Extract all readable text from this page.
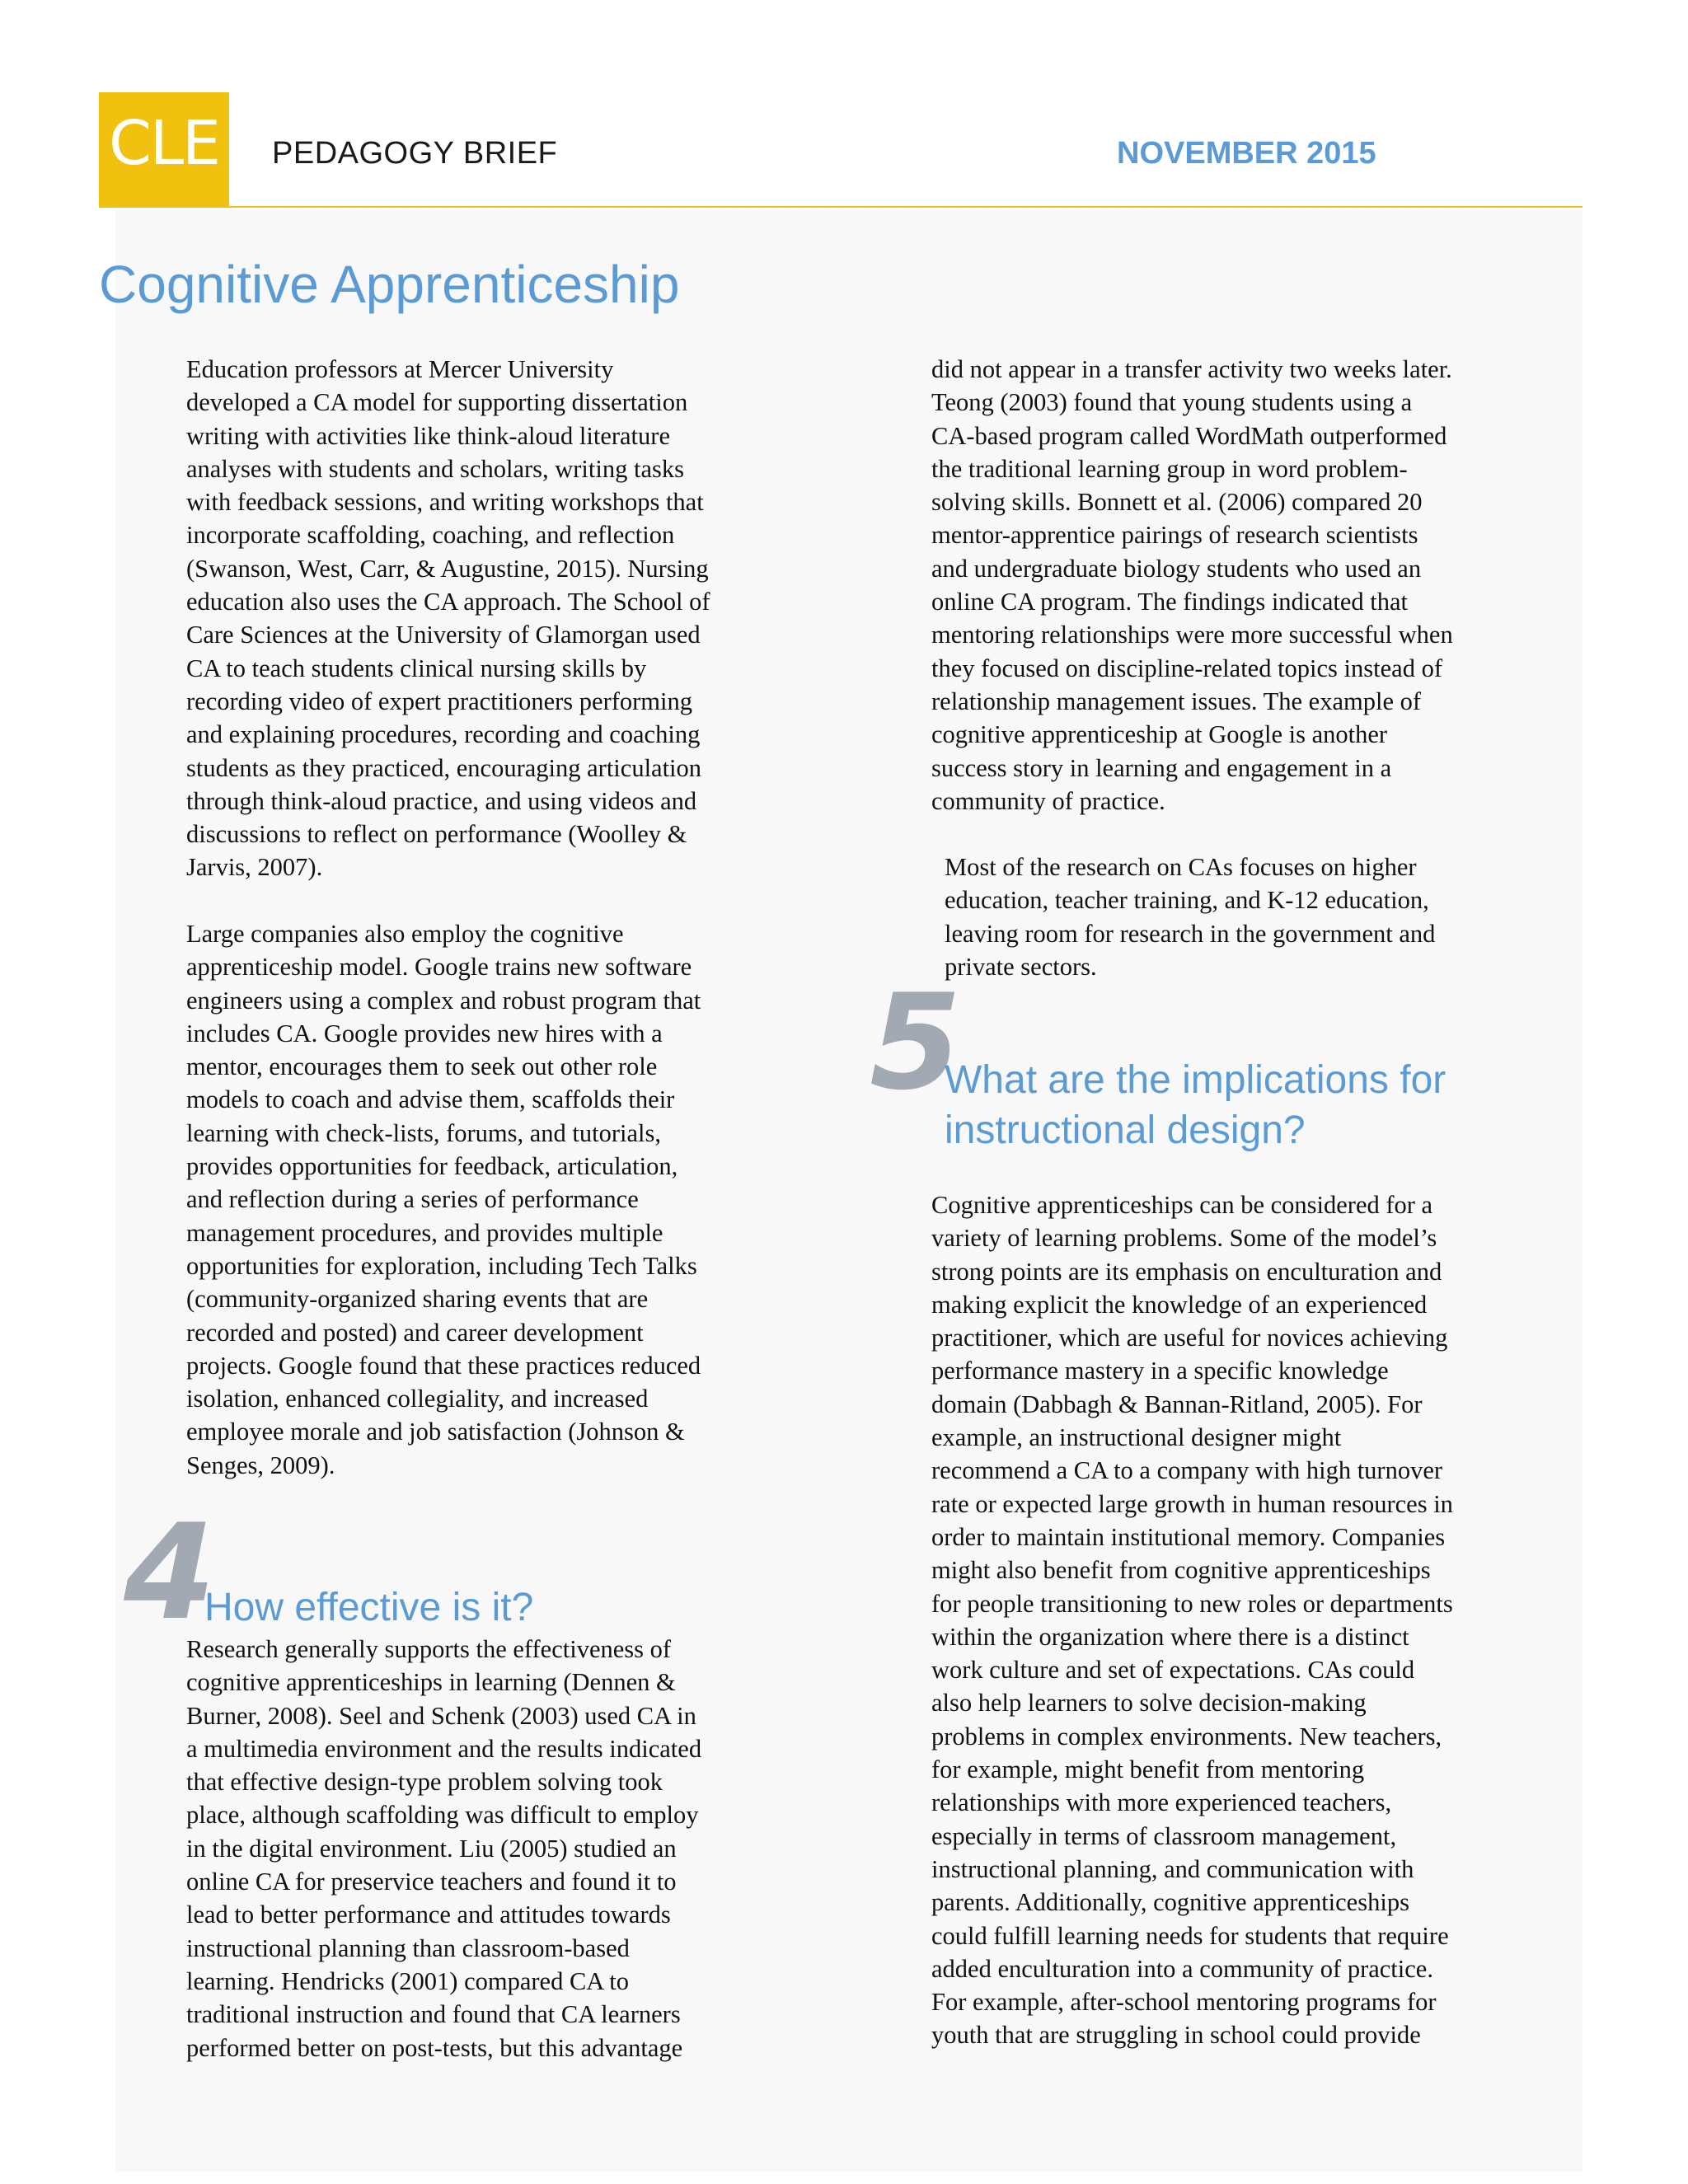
CLE	PEDAGOGY BRIEF	NOVEMBER 2015
Cognitive Apprenticeship
Education professors at Mercer University
developed a CA model for supporting dissertation
writing with activities like think-aloud literature
analyses with students and scholars, writing tasks
with feedback sessions, and writing workshops that
incorporate scaffolding, coaching, and reflection
(Swanson, West, Carr, & Augustine, 2015). Nursing
education also uses the CA approach. The School of
Care Sciences at the University of Glamorgan used
CA to teach students clinical nursing skills by
recording video of expert practitioners performing
and explaining procedures, recording and coaching
students as they practiced, encouraging articulation
through think-aloud practice, and using videos and
discussions to reflect on performance (Woolley &
Jarvis, 2007).
Large companies also employ the cognitive
apprenticeship model. Google trains new software
engineers using a complex and robust program that
includes CA. Google provides new hires with a
mentor, encourages them to seek out other role
models to coach and advise them, scaffolds their
learning with check-lists, forums, and tutorials,
provides opportunities for feedback, articulation,
and reflection during a series of performance
management procedures, and provides multiple
opportunities for exploration, including Tech Talks
(community-organized sharing events that are
recorded and posted) and career development
projects. Google found that these practices reduced
isolation, enhanced collegiality, and increased
employee morale and job satisfaction (Johnson &
Senges, 2009).
4
How effective is it?
Research generally supports the effectiveness of
cognitive apprenticeships in learning (Dennen &
Burner, 2008). Seel and Schenk (2003) used CA in
a multimedia environment and the results indicated
that effective design-type problem solving took
place, although scaffolding was difficult to employ
in the digital environment. Liu (2005) studied an
online CA for preservice teachers and found it to
lead to better performance and attitudes towards
instructional planning than classroom-based
learning. Hendricks (2001) compared CA to
traditional instruction and found that CA learners
performed better on post-tests, but this advantage
did not appear in a transfer activity two weeks later.
Teong (2003) found that young students using a
CA-based program called WordMath outperformed
the traditional learning group in word problem-
solving skills. Bonnett et al. (2006) compared 20
mentor-apprentice pairings of research scientists
and undergraduate biology students who used an
online CA program. The findings indicated that
mentoring relationships were more successful when
they focused on discipline-related topics instead of
relationship management issues. The example of
cognitive apprenticeship at Google is another
success story in learning and engagement in a
community of practice.
Most of the research on CAs focuses on higher
education, teacher training, and K-12 education,
leaving room for research in the government and
private sectors.
5
What are the implications for
instructional design?
Cognitive apprenticeships can be considered for a
variety of learning problems. Some of the model’s
strong points are its emphasis on enculturation and
making explicit the knowledge of an experienced
practitioner, which are useful for novices achieving
performance mastery in a specific knowledge
domain (Dabbagh & Bannan-Ritland, 2005). For
example, an instructional designer might
recommend a CA to a company with high turnover
rate or expected large growth in human resources in
order to maintain institutional memory. Companies
might also benefit from cognitive apprenticeships
for people transitioning to new roles or departments
within the organization where there is a distinct
work culture and set of expectations. CAs could
also help learners to solve decision-making
problems in complex environments. New teachers,
for example, might benefit from mentoring
relationships with more experienced teachers,
especially in terms of classroom management,
instructional planning, and communication with
parents. Additionally, cognitive apprenticeships
could fulfill learning needs for students that require
added enculturation into a community of practice.
For example, after-school mentoring programs for
youth that are struggling in school could provide
